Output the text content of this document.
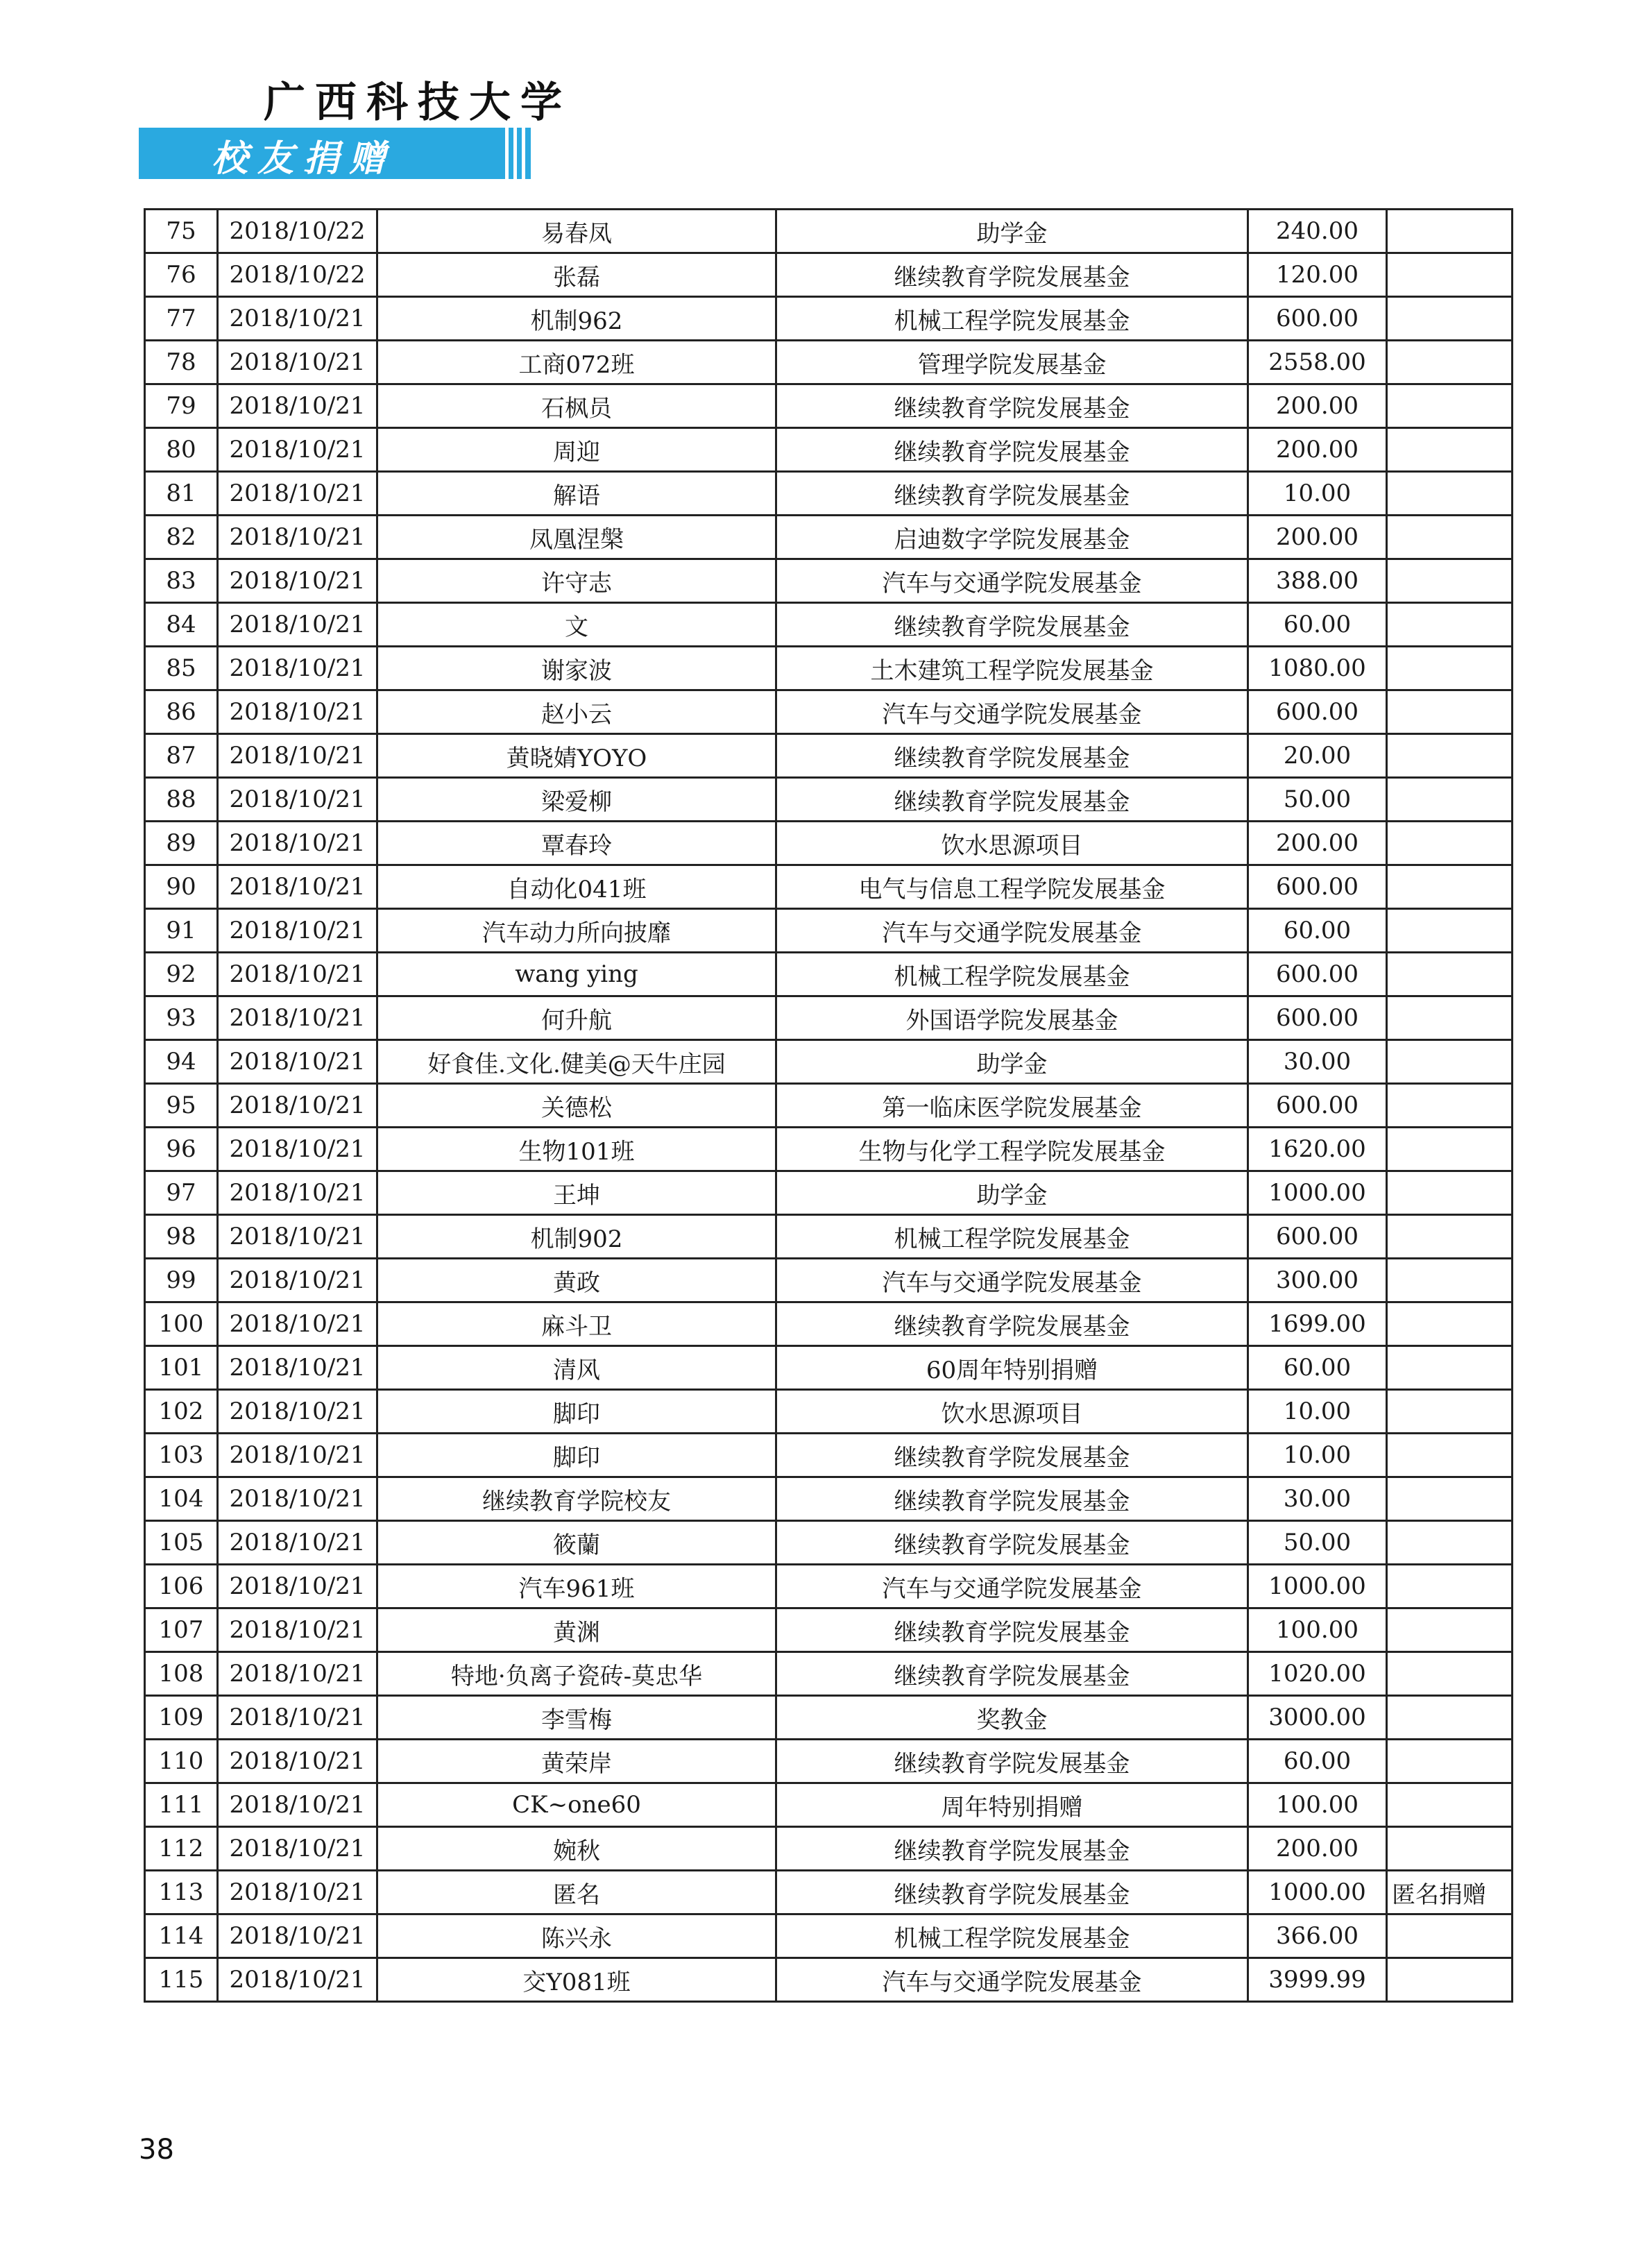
广西科技大学
校友捐赠
75	2018/10/22	易春凤	助学金	240.00	
76	2018/10/22	张磊	继续教育学院发展基金	120.00	
77	2018/10/21	机制962	机械工程学院发展基金	600.00	
78	2018/10/21	工商072班	管理学院发展基金	2558.00	
79	2018/10/21	石枫员	继续教育学院发展基金	200.00	
80	2018/10/21	周迎	继续教育学院发展基金	200.00	
81	2018/10/21	解语	继续教育学院发展基金	10.00	
82	2018/10/21	凤凰涅槃	启迪数字学院发展基金	200.00	
83	2018/10/21	许守志	汽车与交通学院发展基金	388.00	
84	2018/10/21	文	继续教育学院发展基金	60.00	
85	2018/10/21	谢家波	土木建筑工程学院发展基金	1080.00	
86	2018/10/21	赵小云	汽车与交通学院发展基金	600.00	
87	2018/10/21	黄晓婧YOYO	继续教育学院发展基金	20.00	
88	2018/10/21	梁爱柳	继续教育学院发展基金	50.00	
89	2018/10/21	覃春玲	饮水思源项目	200.00	
90	2018/10/21	自动化041班	电气与信息工程学院发展基金	600.00	
91	2018/10/21	汽车动力所向披靡	汽车与交通学院发展基金	60.00	
92	2018/10/21	wang ying	机械工程学院发展基金	600.00	
93	2018/10/21	何升航	外国语学院发展基金	600.00	
94	2018/10/21	好食佳.文化.健美@天牛庄园	助学金	30.00	
95	2018/10/21	关德松	第一临床医学院发展基金	600.00	
96	2018/10/21	生物101班	生物与化学工程学院发展基金	1620.00	
97	2018/10/21	王坤	助学金	1000.00	
98	2018/10/21	机制902	机械工程学院发展基金	600.00	
99	2018/10/21	黄政	汽车与交通学院发展基金	300.00	
100	2018/10/21	麻斗卫	继续教育学院发展基金	1699.00	
101	2018/10/21	清风	60周年特别捐赠	60.00	
102	2018/10/21	脚印	饮水思源项目	10.00	
103	2018/10/21	脚印	继续教育学院发展基金	10.00	
104	2018/10/21	继续教育学院校友	继续教育学院发展基金	30.00	
105	2018/10/21	筱蘭	继续教育学院发展基金	50.00	
106	2018/10/21	汽车961班	汽车与交通学院发展基金	1000.00	
107	2018/10/21	黄渊	继续教育学院发展基金	100.00	
108	2018/10/21	特地·负离子瓷砖-莫忠华	继续教育学院发展基金	1020.00	
109	2018/10/21	李雪梅	奖教金	3000.00	
110	2018/10/21	黄荣岸	继续教育学院发展基金	60.00	
111	2018/10/21	CK~one60	周年特别捐赠	100.00	
112	2018/10/21	婉秋	继续教育学院发展基金	200.00	
113	2018/10/21	匿名	继续教育学院发展基金	1000.00	匿名捐赠
114	2018/10/21	陈兴永	机械工程学院发展基金	366.00	
115	2018/10/21	交Y081班	汽车与交通学院发展基金	3999.99	
38
